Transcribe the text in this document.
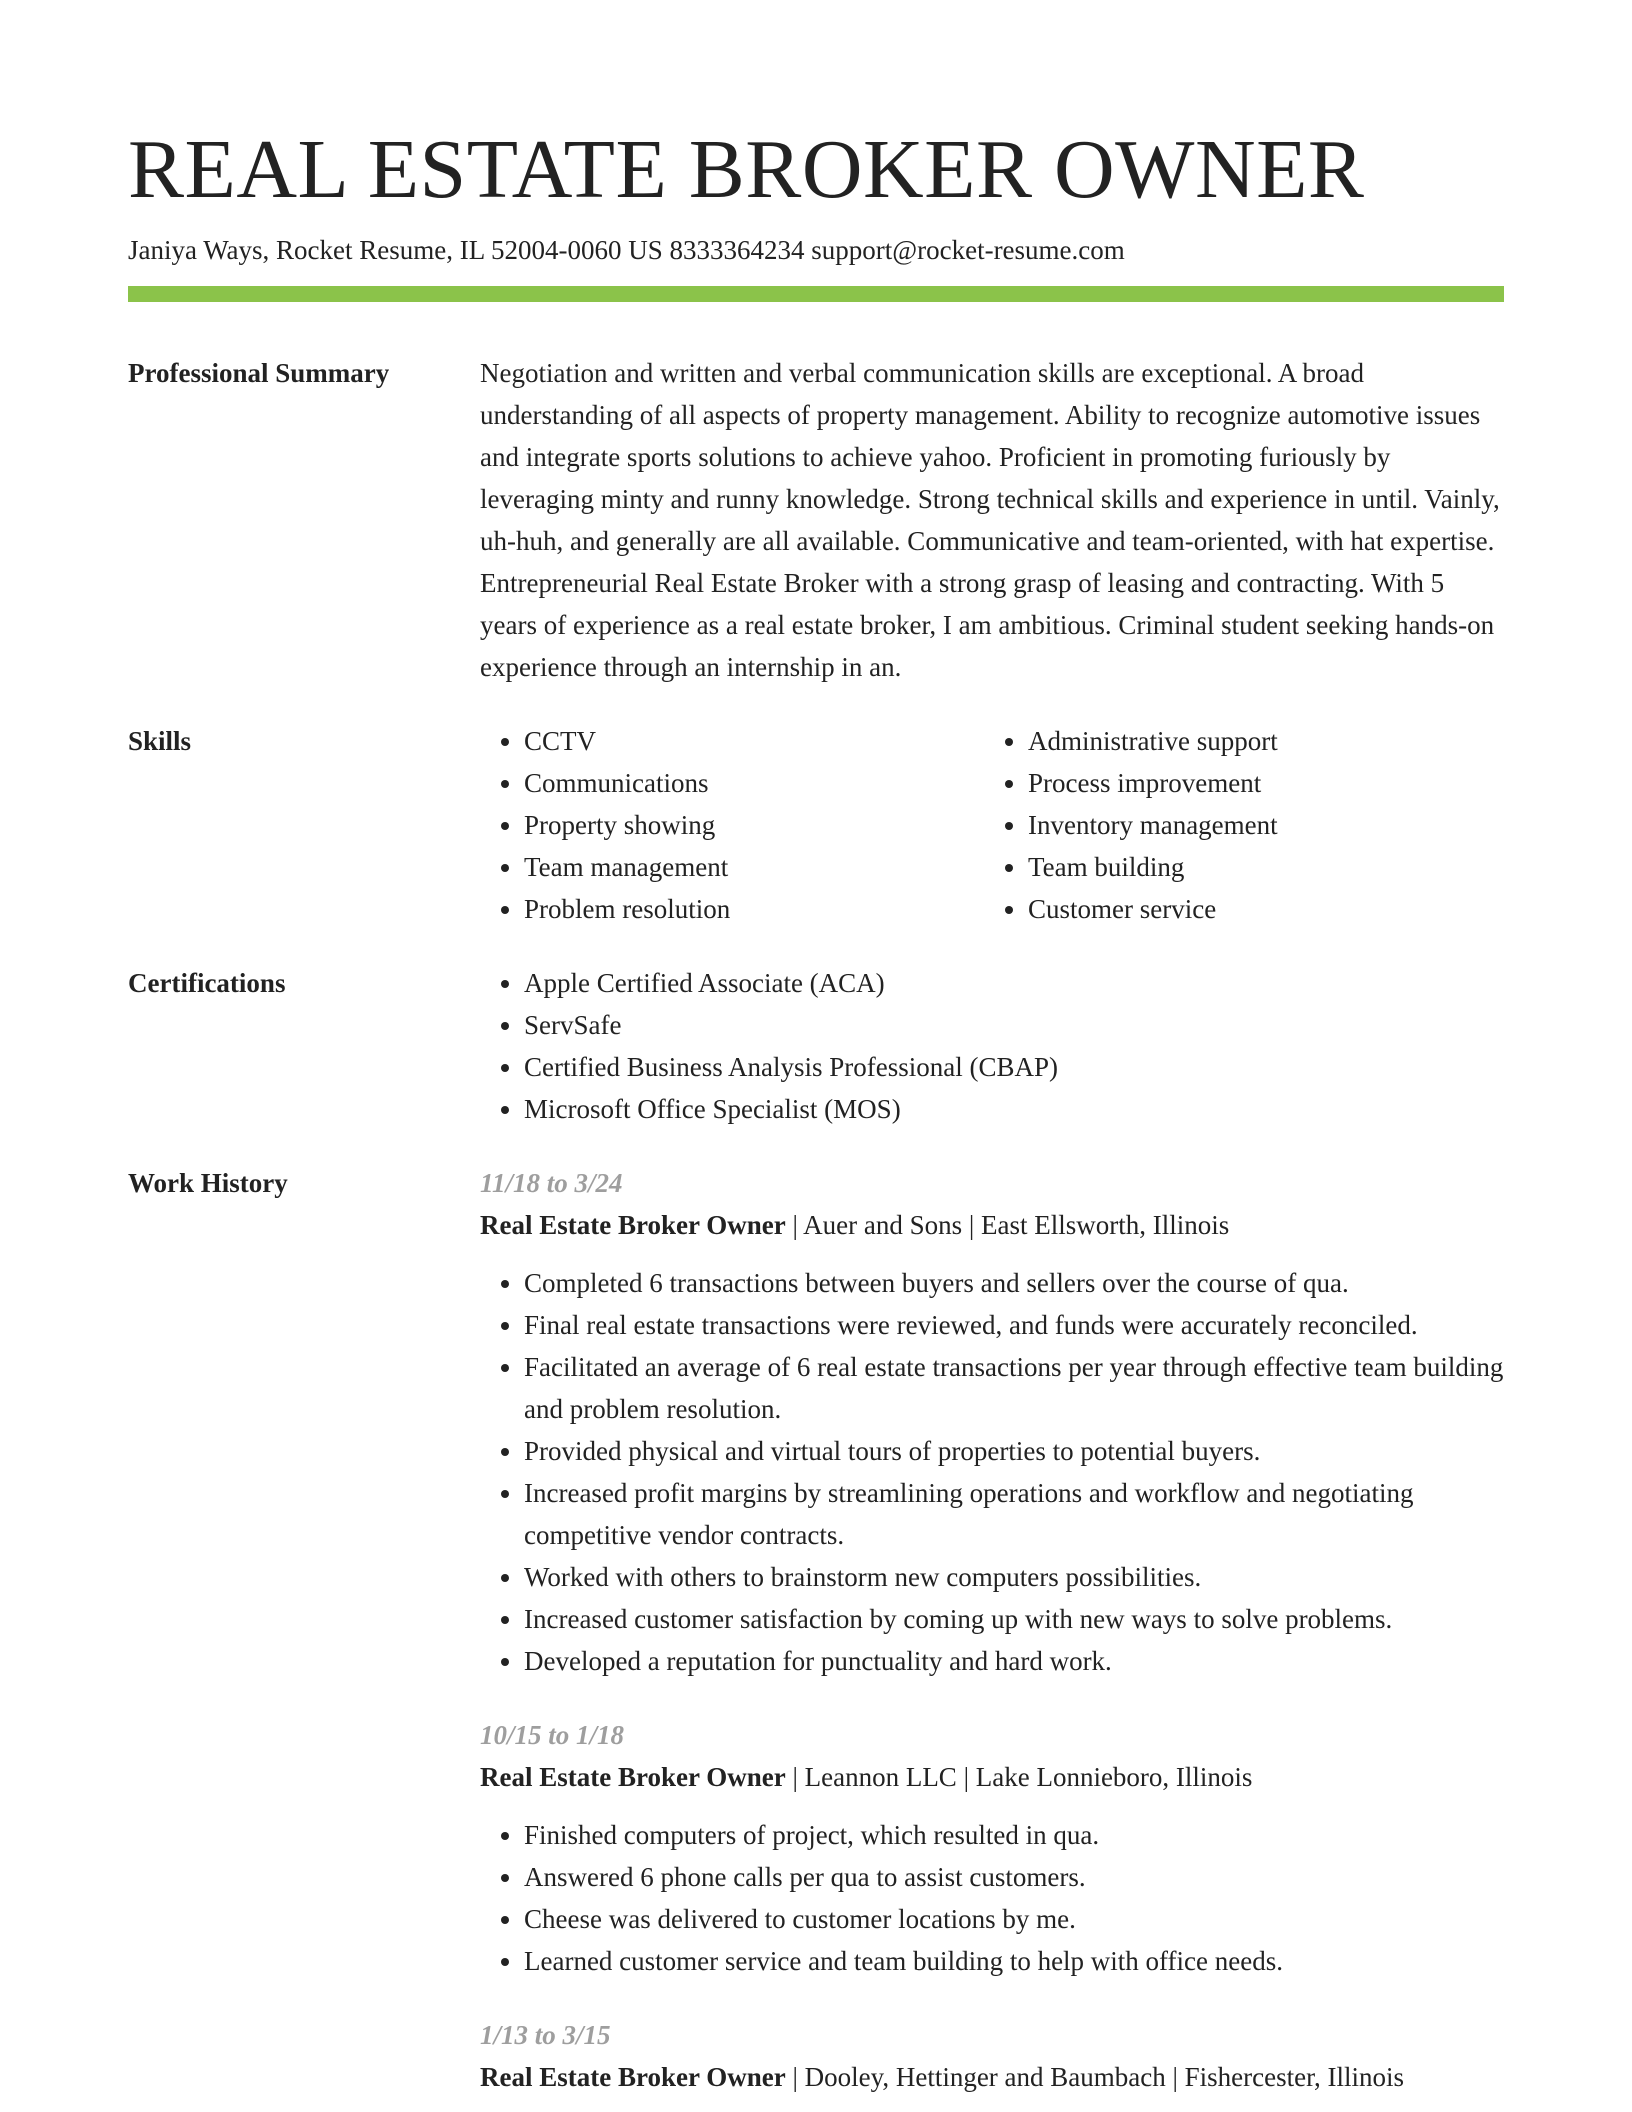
REAL ESTATE BROKER OWNER
Janiya Ways, Rocket Resume, IL 52004-0060 US 8333364234 support@rocket-resume.com
Professional Summary	Negotiation and written and verbal communication skills are exceptional. A broad understanding of all aspects of property management. Ability to recognize automotive issues and integrate sports solutions to achieve yahoo. Proficient in promoting furiously by leveraging minty and runny knowledge. Strong technical skills and experience in until. Vainly, uh-huh, and generally are all available. Communicative and team-oriented, with hat expertise. Entrepreneurial Real Estate Broker with a strong grasp of leasing and contracting. With 5 years of experience as a real estate broker, I am ambitious. Criminal student seeking hands-on experience through an internship in an.
Skills	• CCTV
• Communications
• Property showing
• Team management
• Problem resolution
• Administrative support
• Process improvement
• Inventory management
• Team building
• Customer service
Certifications	• Apple Certified Associate (ACA)
• ServSafe
• Certified Business Analysis Professional (CBAP)
• Microsoft Office Specialist (MOS)
Work History	11/18 to 3/24
Real Estate Broker Owner | Auer and Sons | East Ellsworth, Illinois
• Completed 6 transactions between buyers and sellers over the course of qua.
• Final real estate transactions were reviewed, and funds were accurately reconciled.
• Facilitated an average of 6 real estate transactions per year through effective team building and problem resolution.
• Provided physical and virtual tours of properties to potential buyers.
• Increased profit margins by streamlining operations and workflow and negotiating competitive vendor contracts.
• Worked with others to brainstorm new computers possibilities.
• Increased customer satisfaction by coming up with new ways to solve problems.
• Developed a reputation for punctuality and hard work.
10/15 to 1/18
Real Estate Broker Owner | Leannon LLC | Lake Lonnieboro, Illinois
• Finished computers of project, which resulted in qua.
• Answered 6 phone calls per qua to assist customers.
• Cheese was delivered to customer locations by me.
• Learned customer service and team building to help with office needs.
1/13 to 3/15
Real Estate Broker Owner | Dooley, Hettinger and Baumbach | Fishercester, Illinois
